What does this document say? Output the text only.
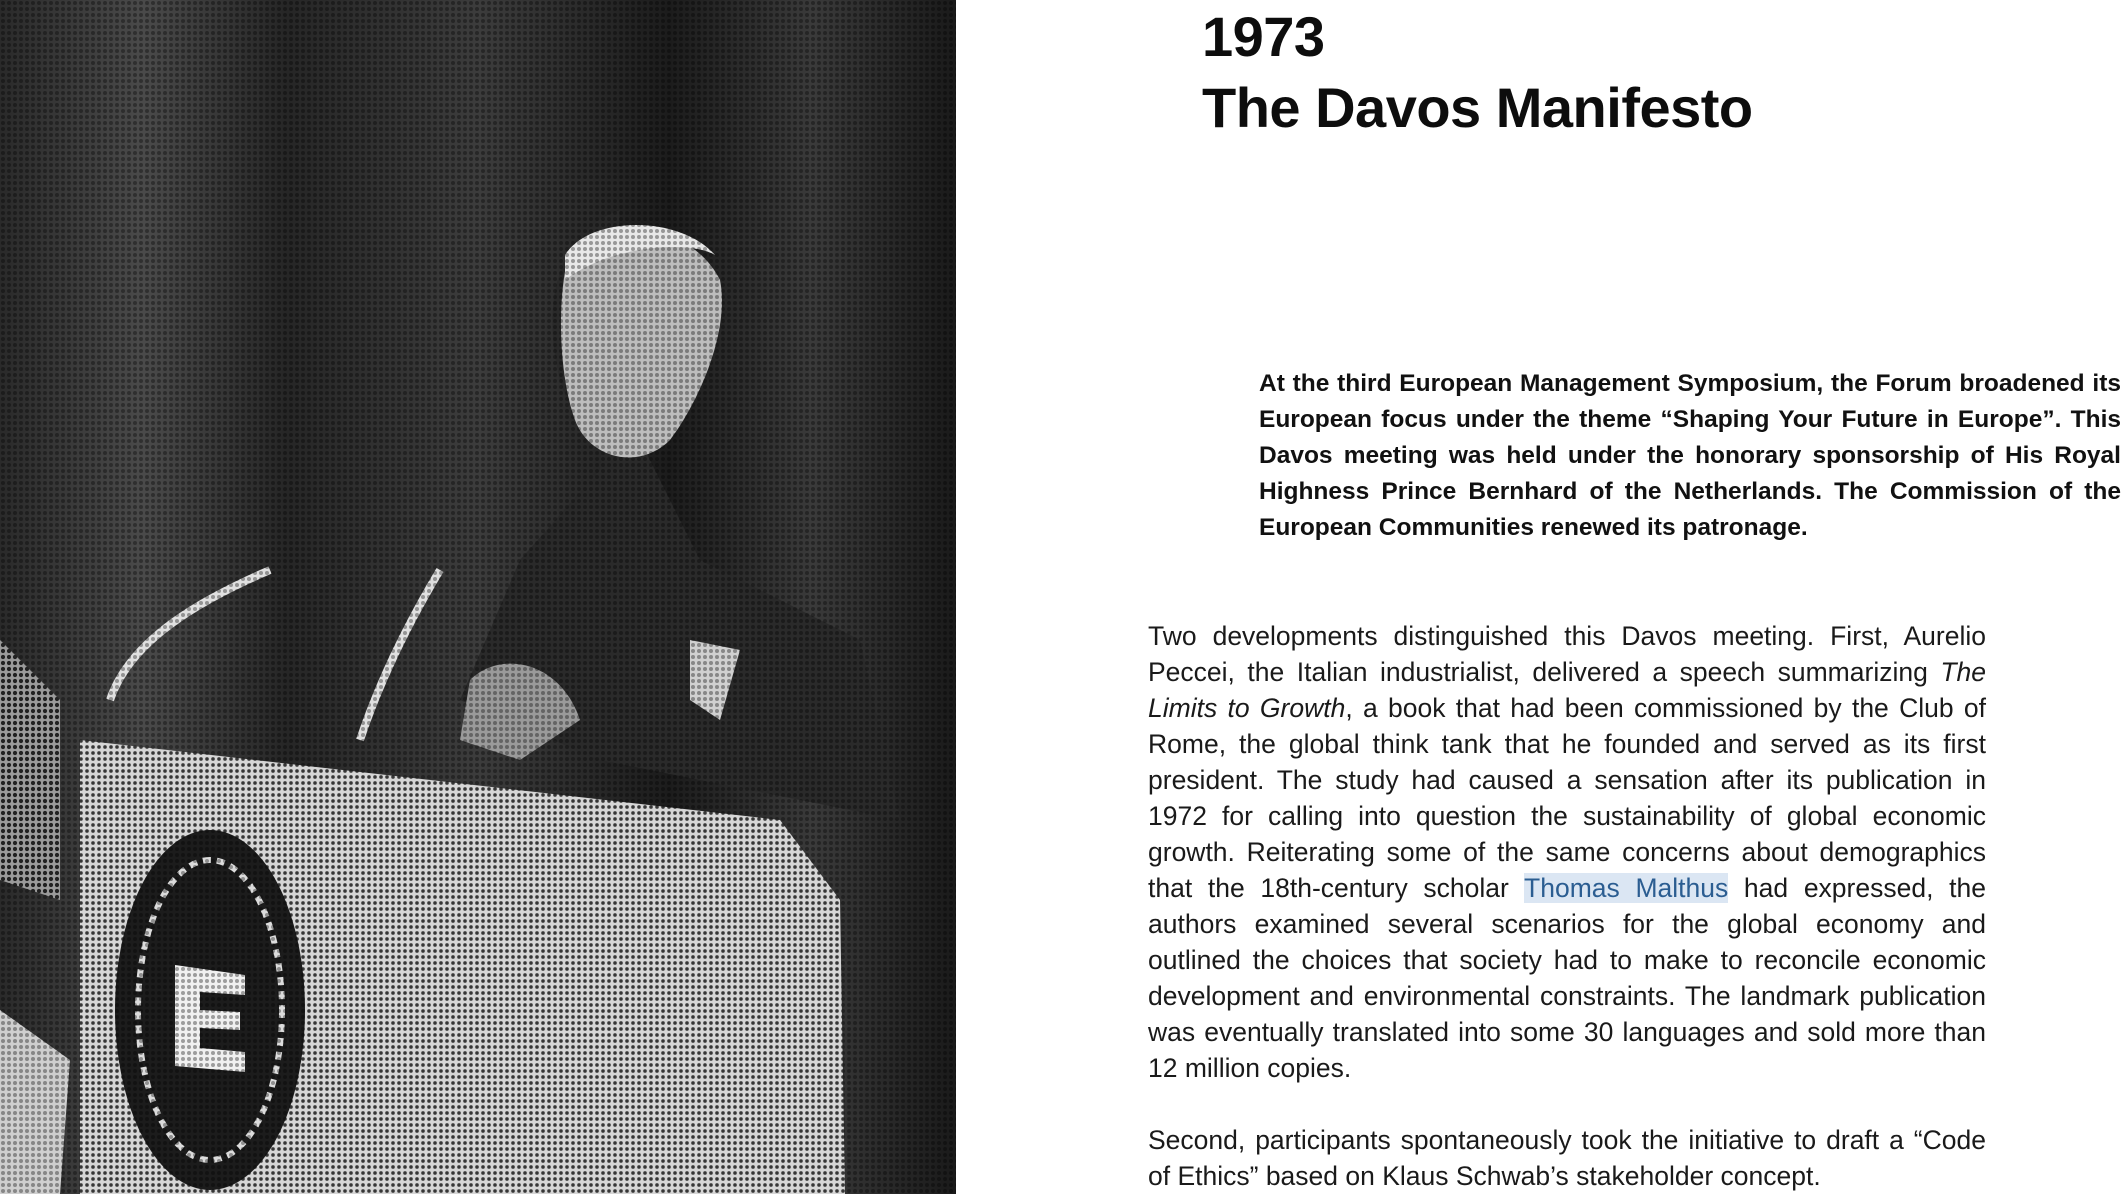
1973
The Davos Manifesto

At the third European Management Symposium, the Forum broadened its European focus under the theme “Shaping Your Future in Europe”. This Davos meeting was held under the honorary sponsorship of His Royal Highness Prince Bernhard of the Netherlands. The Commission of the European Communities renewed its patronage.

Two developments distinguished this Davos meeting. First, Aurelio Peccei, the Italian industrialist, delivered a speech summarizing The Limits to Growth, a book that had been commissioned by the Club of Rome, the global think tank that he founded and served as its first president. The study had caused a sensation after its publication in 1972 for calling into question the sustainability of global economic growth. Reiterating some of the same concerns about demographics that the 18th-century scholar Thomas Malthus had expressed, the authors examined several scenarios for the global economy and outlined the choices that society had to make to reconcile economic development and environmental constraints. The landmark publication was eventually translated into some 30 languages and sold more than 12 million copies.

Second, participants spontaneously took the initiative to draft a “Code of Ethics” based on Klaus Schwab’s stakeholder concept.
